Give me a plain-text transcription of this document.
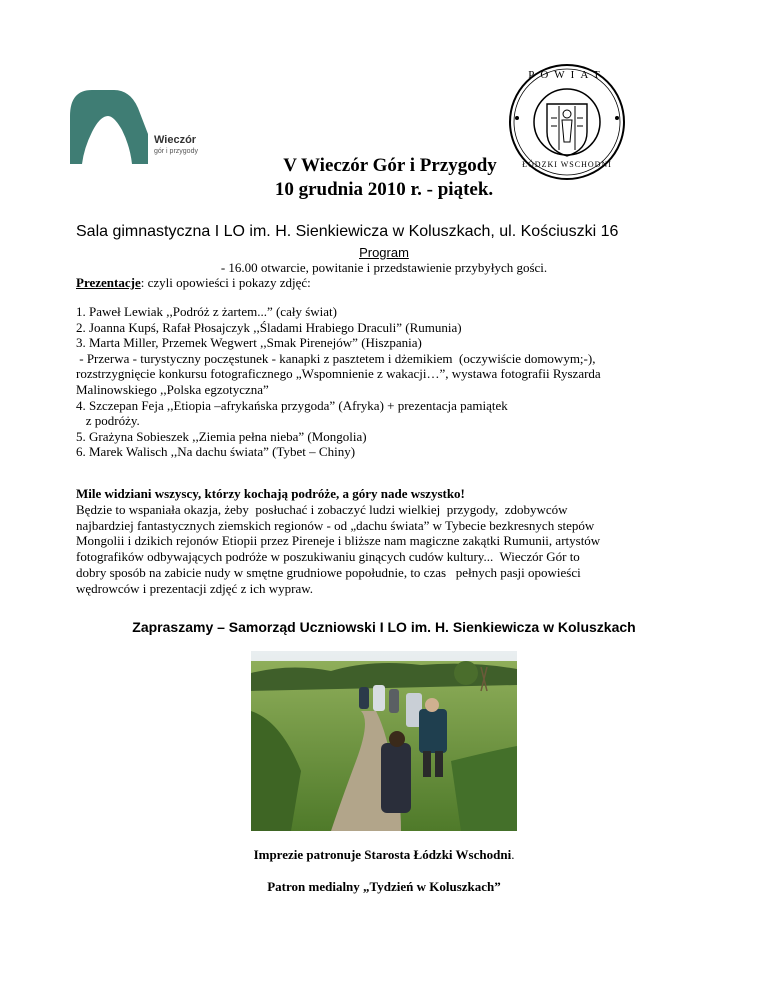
Wieczór
gór i przygody
POWIAT
ŁÓDZKI WSCHODNI
V Wieczór Gór i Przygody
10 grudnia 2010 r. - piątek.
Sala gimnastyczna I LO im. H. Sienkiewicza w Koluszkach, ul. Kościuszki 16
Program
- 16.00 otwarcie, powitanie i przedstawienie przybyłych gości.
Prezentacje: czyli opowieści i pokazy zdjęć:
1. Paweł Lewiak ,,Podróż z żartem...” (cały świat)
2. Joanna Kupś, Rafał Płosajczyk ,,Śladami Hrabiego Draculi” (Rumunia)
3. Marta Miller, Przemek Wegwert ,,Smak Pirenejów” (Hiszpania)
- Przerwa - turystyczny poczęstunek - kanapki z pasztetem i dżemikiem  (oczywiście domowym;-),
rozstrzygnięcie konkursu fotograficznego „Wspomnienie z wakacji…”, wystawa fotografii Ryszarda
Malinowskiego ,,Polska egzotyczna”
4. Szczepan Feja ,,Etiopia –afrykańska przygoda” (Afryka) + prezentacja pamiątek
z podróży.
5. Grażyna Sobieszek ,,Ziemia pełna nieba” (Mongolia)
6. Marek Walisch ,,Na dachu świata” (Tybet – Chiny)
Mile widziani wszyscy, którzy kochają podróże, a góry nade wszystko!
Będzie to wspaniała okazja, żeby  posłuchać i zobaczyć ludzi wielkiej  przygody,  zdobywców
najbardziej fantastycznych ziemskich regionów - od „dachu świata” w Tybecie bezkresnych stepów
Mongolii i dzikich rejonów Etiopii przez Pireneje i bliższe nam magiczne zakątki Rumunii, artystów
fotografików odbywających podróże w poszukiwaniu ginących cudów kultury...  Wieczór Gór to
dobry sposób na zabicie nudy w smętne grudniowe popołudnie, to czas   pełnych pasji opowieści
wędrowców i prezentacji zdjęć z ich wypraw.
Zapraszamy – Samorząd Uczniowski I LO im. H. Sienkiewicza w Koluszkach
Imprezie patronuje Starosta Łódzki Wschodni.
Patron medialny „Tydzień w Koluszkach”
